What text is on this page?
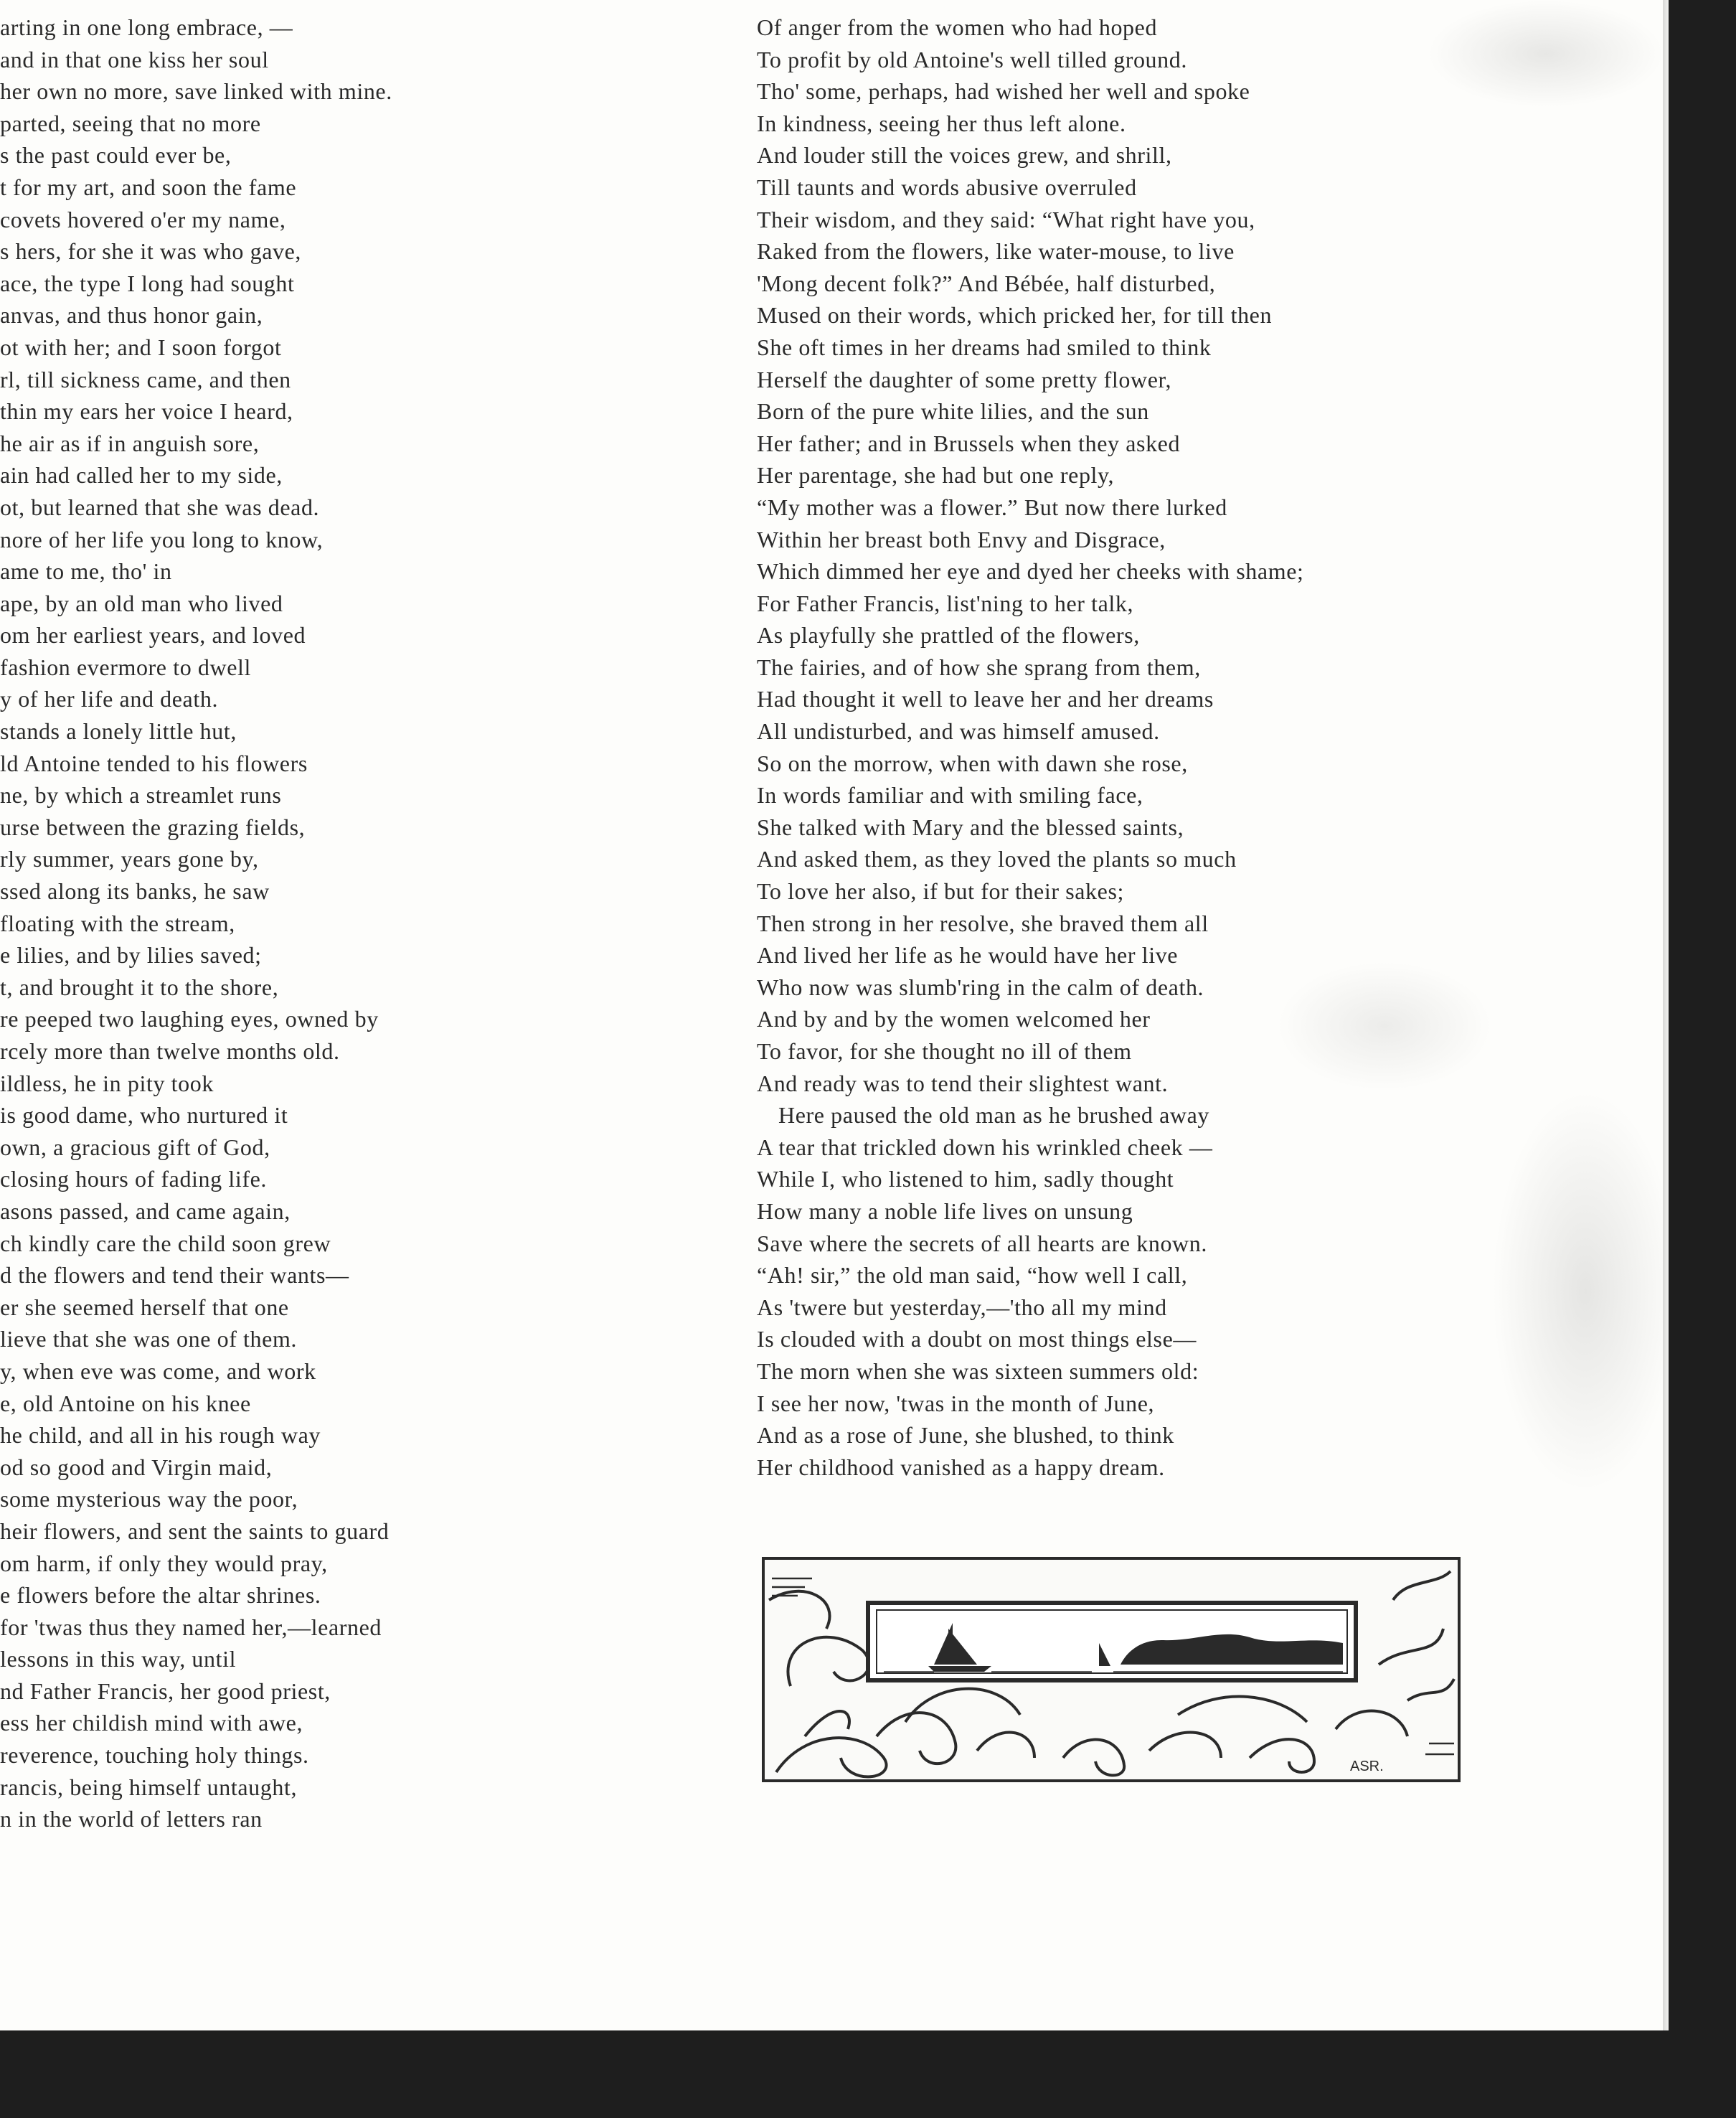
arting in one long embrace, —

and in that one kiss her soul

her own no more, save linked with mine.

parted, seeing that no more

s the past could ever be,

t for my art, and soon the fame

covets hovered o'er my name,

s hers, for she it was who gave,

ace, the type I long had sought

anvas, and thus honor gain,

ot with her; and I soon forgot

rl, till sickness came, and then

thin my ears her voice I heard,

he air as if in anguish sore,

ain had called her to my side,

ot, but learned that she was dead.

nore of her life you long to know,

ame to me, tho' in

ape, by an old man who lived

om her earliest years, and loved

fashion evermore to dwell

y of her life and death.

stands a lonely little hut,

ld Antoine tended to his flowers

ne, by which a streamlet runs

urse between the grazing fields,

rly summer, years gone by,

ssed along its banks, he saw

floating with the stream,

e lilies, and by lilies saved;

t, and brought it to the shore,

re peeped two laughing eyes, owned by

rcely more than twelve months old.

ildless, he in pity took

is good dame, who nurtured it

own, a gracious gift of God,

closing hours of fading life.

asons passed, and came again,

ch kindly care the child soon grew

d the flowers and tend their wants—

er she seemed herself that one

lieve that she was one of them.

y, when eve was come, and work

e, old Antoine on his knee

he child, and all in his rough way

od so good and Virgin maid,

some mysterious way the poor,

heir flowers, and sent the saints to guard

om harm, if only they would pray,

e flowers before the altar shrines.

for 'twas thus they named her,—learned

lessons in this way, until

nd Father Francis, her good priest,

ess her childish mind with awe,

reverence, touching holy things.

rancis, being himself untaught,

n in the world of letters ran

Of anger from the women who had hoped

To profit by old Antoine's well tilled ground.

Tho' some, perhaps, had wished her well and spoke

In kindness, seeing her thus left alone.

And louder still the voices grew, and shrill,

Till taunts and words abusive overruled

Their wisdom, and they said: “What right have you,

Raked from the flowers, like water-mouse, to live

'Mong decent folk?” And Bébée, half disturbed,

Mused on their words, which pricked her, for till then

She oft times in her dreams had smiled to think

Herself the daughter of some pretty flower,

Born of the pure white lilies, and the sun

Her father; and in Brussels when they asked

Her parentage, she had but one reply,

“My mother was a flower.” But now there lurked

Within her breast both Envy and Disgrace,

Which dimmed her eye and dyed her cheeks with shame;

For Father Francis, list'ning to her talk,

As playfully she prattled of the flowers,

The fairies, and of how she sprang from them,

Had thought it well to leave her and her dreams

All undisturbed, and was himself amused.

So on the morrow, when with dawn she rose,

In words familiar and with smiling face,

She talked with Mary and the blessed saints,

And asked them, as they loved the plants so much

To love her also, if but for their sakes;

Then strong in her resolve, she braved them all

And lived her life as he would have her live

Who now was slumb'ring in the calm of death.

And by and by the women welcomed her

To favor, for she thought no ill of them

And ready was to tend their slightest want.

Here paused the old man as he brushed away

A tear that trickled down his wrinkled cheek —

While I, who listened to him, sadly thought

How many a noble life lives on unsung

Save where the secrets of all hearts are known.

“Ah! sir,” the old man said, “how well I call,

As 'twere but yesterday,—'tho all my mind

Is clouded with a doubt on most things else—

The morn when she was sixteen summers old:

I see her now, 'twas in the month of June,

And as a rose of June, she blushed, to think

Her childhood vanished as a happy dream.

ASR.
